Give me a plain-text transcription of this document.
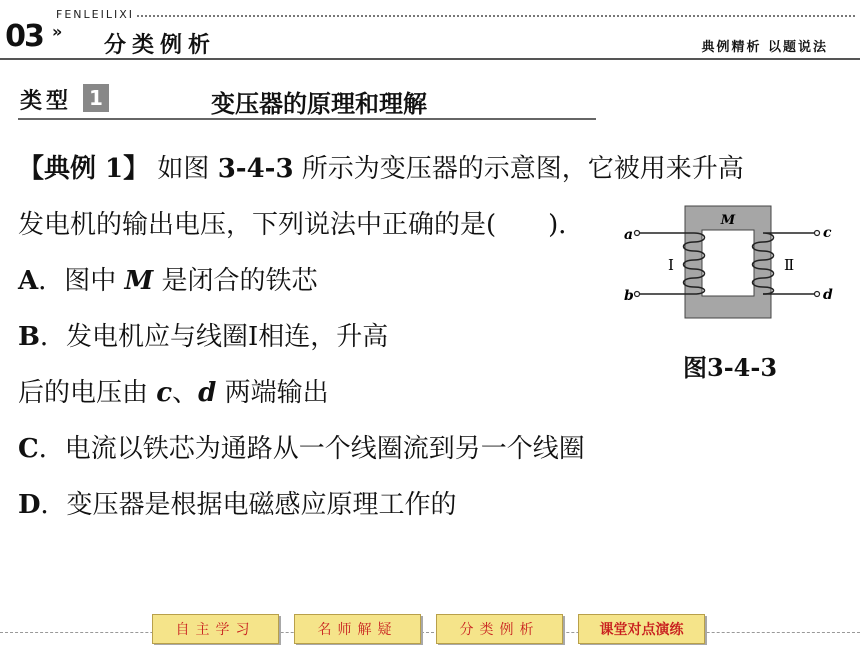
03
FENLEILIXI
»
分类例析	典例精析 以题说法
类型 1	变压器的原理和理解
【典例 1】 如图 3-4-3 所示为变压器的示意图，它被用来升高
发电机的输出电压，下列说法中正确的是(　　)．
A．图中 M 是闭合的铁芯
B．发电机应与线圈Ⅰ相连，升高
后的电压由 c、d 两端输出
C．电流以铁芯为通路从一个线圈流到另一个线圈
D．变压器是根据电磁感应原理工作的
M
a
b
c
d
Ⅰ	Ⅱ
图3-4-3
自主学习	名师解疑	分类例析	课堂对点演练
